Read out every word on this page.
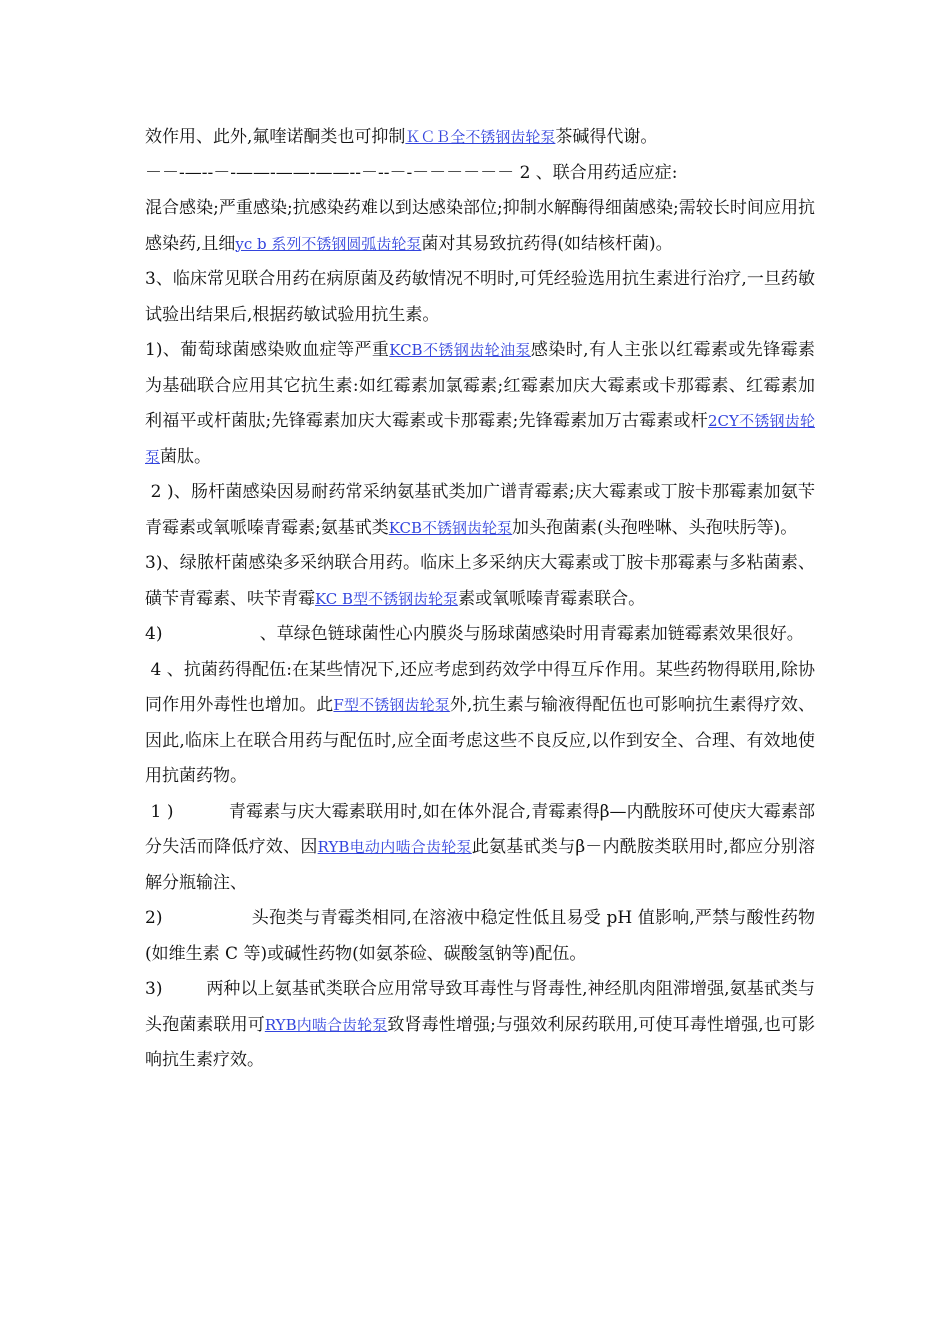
效作用、此外,氟喹诺酮类也可抑制ＫＣＢ全不锈钢齿轮泵茶碱得代谢。

－－-—--－-——-——-——--－--－-－－－－－－ 2 、联合用药适应症:

混合感染;严重感染;抗感染药难以到达感染部位;抑制水解酶得细菌感染;需较长时间应用抗感染药,且细yc b 系列不锈钢圆弧齿轮泵菌对其易致抗药得(如结核杆菌)。

3、临床常见联合用药在病原菌及药敏情况不明时,可凭经验选用抗生素进行治疗,一旦药敏试验出结果后,根据药敏试验用抗生素。

1)、葡萄球菌感染败血症等严重KCB不锈钢齿轮油泵感染时,有人主张以红霉素或先锋霉素为基础联合应用其它抗生素:如红霉素加氯霉素;红霉素加庆大霉素或卡那霉素、红霉素加利福平或杆菌肽;先锋霉素加庆大霉素或卡那霉素;先锋霉素加万古霉素或杆2CY不锈钢齿轮泵菌肽。

2 )、肠杆菌感染因易耐药常采纳氨基甙类加广谱青霉素;庆大霉素或丁胺卡那霉素加氨苄青霉素或氧哌嗪青霉素;氨基甙类KCB不锈钢齿轮泵加头孢菌素(头孢唑啉、头孢呋肟等)。

3)、绿脓杆菌感染多采纳联合用药。临床上多采纳庆大霉素或丁胺卡那霉素与多粘菌素、磺苄青霉素、呋苄青霉KC B型不锈钢齿轮泵素或氧哌嗪青霉素联合。

4)                  、草绿色链球菌性心内膜炎与肠球菌感染时用青霉素加链霉素效果很好。

4 、抗菌药得配伍:在某些情况下,还应考虑到药效学中得互斥作用。某些药物得联用,除协同作用外毒性也增加。此F型不锈钢齿轮泵外,抗生素与输液得配伍也可影响抗生素得疗效、因此,临床上在联合用药与配伍时,应全面考虑这些不良反应,以作到安全、合理、有效地使用抗菌药物。

1 )          青霉素与庆大霉素联用时,如在体外混合,青霉素得β—内酰胺环可使庆大霉素部分失活而降低疗效、因RYB电动内啮合齿轮泵此氨基甙类与β－内酰胺类联用时,都应分别溶解分瓶输注、

2)                头孢类与青霉类相同,在溶液中稳定性低且易受 pH 值影响,严禁与酸性药物(如维生素 C 等)或碱性药物(如氨茶硷、碳酸氢钠等)配伍。

3)        两种以上氨基甙类联合应用常导致耳毒性与肾毒性,神经肌肉阻滞增强,氨基甙类与头孢菌素联用可RYB内啮合齿轮泵致肾毒性增强;与强效利尿药联用,可使耳毒性增强,也可影响抗生素疗效。
